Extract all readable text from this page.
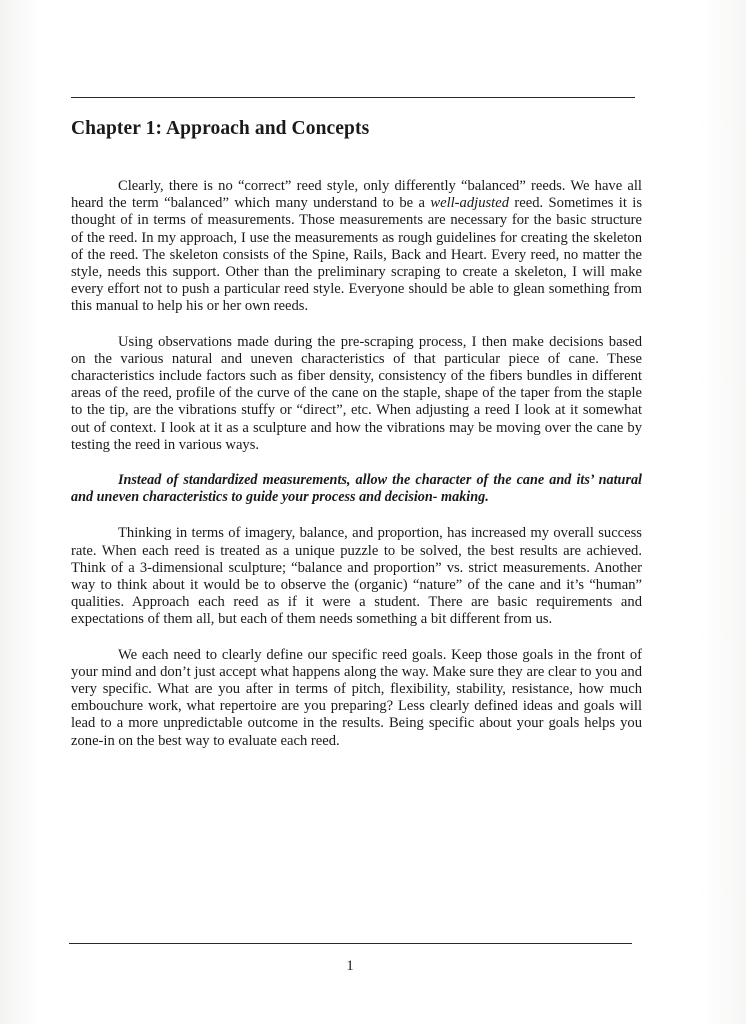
Chapter 1: Approach and Concepts

Clearly, there is no “correct” reed style, only differently “balanced” reeds. We have all heard the term “balanced” which many understand to be a well-adjusted reed. Sometimes it is thought of in terms of measurements. Those measurements are necessary for the basic structure of the reed. In my approach, I use the measurements as rough guidelines for creating the skeleton of the reed. The skeleton consists of the Spine, Rails, Back and Heart. Every reed, no matter the style, needs this support. Other than the preliminary scraping to create a skeleton, I will make every effort not to push a particular reed style. Everyone should be able to glean something from this manual to help his or her own reeds.

Using observations made during the pre-scraping process, I then make decisions based on the various natural and uneven characteristics of that particular piece of cane. These characteristics include factors such as fiber density, consistency of the fibers bundles in different areas of the reed, profile of the curve of the cane on the staple, shape of the taper from the staple to the tip, are the vibrations stuffy or “direct”, etc. When adjusting a reed I look at it somewhat out of context. I look at it as a sculpture and how the vibrations may be moving over the cane by testing the reed in various ways.

Instead of standardized measurements, allow the character of the cane and its’ natural and uneven characteristics to guide your process and decision- making.

Thinking in terms of imagery, balance, and proportion, has increased my overall success rate. When each reed is treated as a unique puzzle to be solved, the best results are achieved. Think of a 3-dimensional sculpture; “balance and proportion” vs. strict measurements. Another way to think about it would be to observe the (organic) “nature” of the cane and it’s “human” qualities. Approach each reed as if it were a student. There are basic requirements and expectations of them all, but each of them needs something a bit different from us.

We each need to clearly define our specific reed goals. Keep those goals in the front of your mind and don’t just accept what happens along the way. Make sure they are clear to you and very specific. What are you after in terms of pitch, flexibility, stability, resistance, how much embouchure work, what repertoire are you preparing? Less clearly defined ideas and goals will lead to a more unpredictable outcome in the results. Being specific about your goals helps you zone-in on the best way to evaluate each reed.

1
